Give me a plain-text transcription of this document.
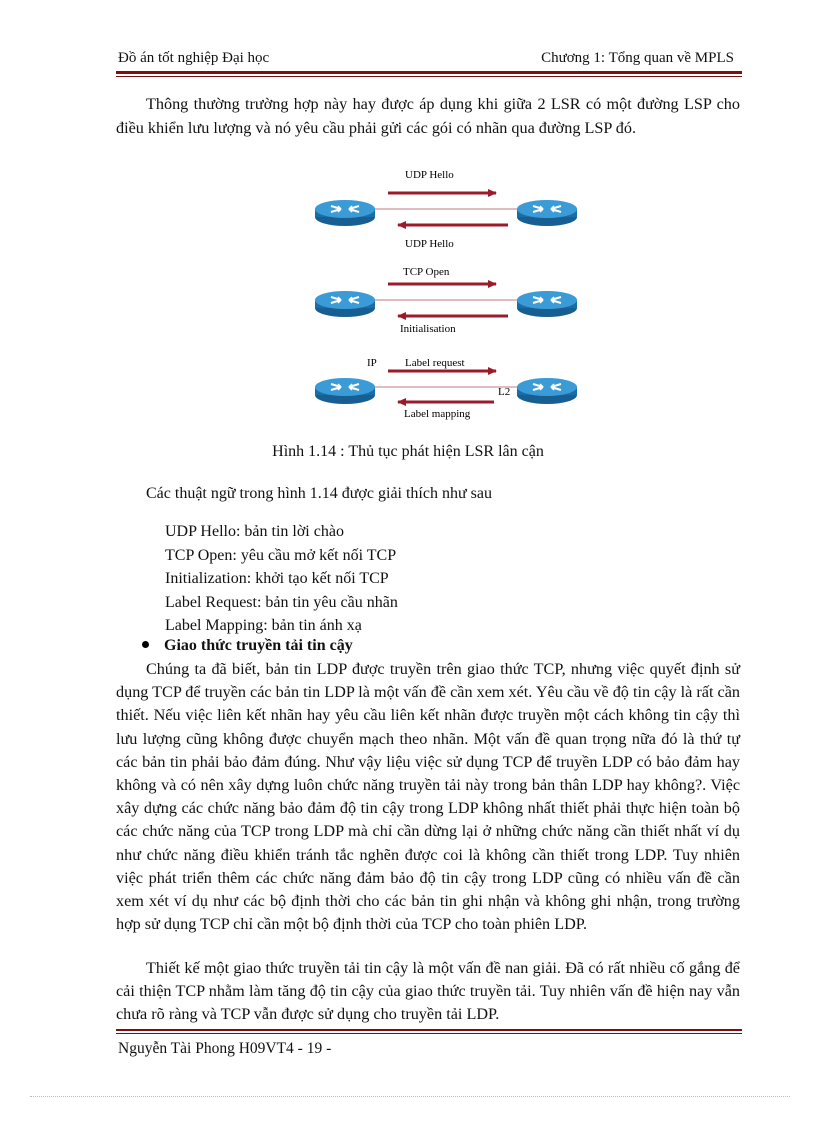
Đồ án tốt nghiệp Đại học	Chương 1: Tổng quan về MPLS
Thông thường trường hợp này hay được áp dụng khi giữa 2 LSR có một đường LSP cho điều khiển lưu lượng và nó yêu cầu phải gửi các gói có nhãn qua đường LSP đó.
UDP Hello
UDP Hello
TCP Open
Initialisation
IP	Label request
L2
Label mapping
Hình 1.14 : Thủ tục phát hiện LSR lân cận
Các thuật ngữ trong hình 1.14 được giải thích như sau
UDP Hello: bản tin lời chào
TCP Open: yêu cầu mở kết nối TCP
Initialization: khởi tạo kết nối TCP
Label Request: bản tin yêu cầu nhãn
Label Mapping: bản tin ánh xạ
Giao thức truyền tải tin cậy
Chúng ta đã biết, bản tin LDP được truyền trên giao thức TCP, nhưng việc quyết định sử dụng TCP để truyền các bản tin LDP là một vấn đề cần xem xét. Yêu cầu về độ tin cậy là rất cần thiết. Nếu việc liên kết nhãn hay yêu cầu liên kết nhãn được truyền một cách không tin cậy thì lưu lượng cũng không được chuyển mạch theo nhãn. Một vấn đề quan trọng nữa đó là thứ tự các bản tin phải bảo đảm đúng. Như vậy liệu việc sử dụng TCP để truyền LDP có bảo đảm hay không và có nên xây dựng luôn chức năng truyền tải này trong bản thân LDP hay không?. Việc xây dựng các chức năng bảo đảm độ tin cậy trong LDP không nhất thiết phải thực hiện toàn bộ các chức năng của TCP trong LDP mà chỉ cần dừng lại ở những chức năng cần thiết nhất ví dụ như chức năng điều khiển tránh tắc nghẽn được coi là không cần thiết trong LDP. Tuy nhiên việc phát triển thêm các chức năng đảm bảo độ tin cậy trong LDP cũng có nhiều vấn đề cần xem xét ví dụ như các bộ định thời cho các bản tin ghi nhận và không ghi nhận, trong trường hợp sử dụng TCP chỉ cần một bộ định thời của TCP cho toàn phiên LDP.
Thiết kế một giao thức truyền tải tin cậy là một vấn đề nan giải. Đã có rất nhiều cố gắng để cải thiện TCP nhằm làm tăng độ tin cậy của giao thức truyền tải. Tuy nhiên vấn đề hiện nay vẫn chưa rõ ràng và TCP vẫn được sử dụng cho truyền tải LDP.
Nguyễn Tài Phong H09VT4 - 19 -
